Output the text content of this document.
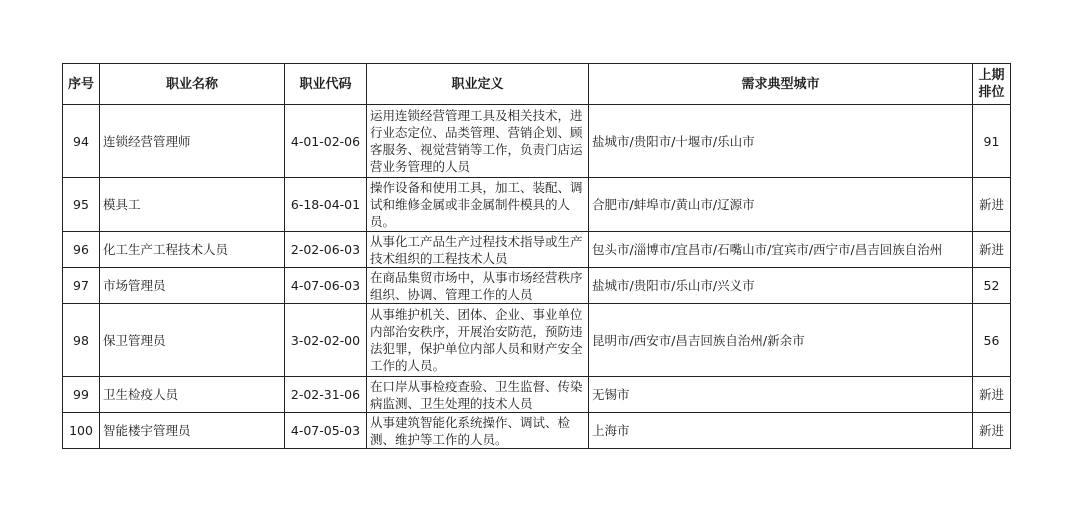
序号	职业名称	职业代码	职业定义	需求典型城市	上期
排位
94	连锁经营管理师	4-01-02-06	运用连锁经营管理工具及相关技术，进行业态定位、品类管理、营销企划、顾客服务、视觉营销等工作，负责门店运营业务管理的人员	盐城市/贵阳市/十堰市/乐山市	91
95	模具工	6-18-04-01	操作设备和使用工具，加工、装配、调试和维修金属或非金属制件模具的人员。	合肥市/蚌埠市/黄山市/辽源市	新进
96	化工生产工程技术人员	2-02-06-03	从事化工产品生产过程技术指导或生产技术组织的工程技术人员	包头市/淄博市/宜昌市/石嘴山市/宜宾市/西宁市/昌吉回族自治州	新进
97	市场管理员	4-07-06-03	在商品集贸市场中，从事市场经营秩序组织、协调、管理工作的人员	盐城市/贵阳市/乐山市/兴义市	52
98	保卫管理员	3-02-02-00	从事维护机关、团体、企业、事业单位内部治安秩序，开展治安防范，预防违法犯罪，保护单位内部人员和财产安全工作的人员。	昆明市/西安市/昌吉回族自治州/新余市	56
99	卫生检疫人员	2-02-31-06	在口岸从事检疫查验、卫生监督、传染病监测、卫生处理的技术人员	无锡市	新进
100	智能楼宇管理员	4-07-05-03	从事建筑智能化系统操作、调试、检测、维护等工作的人员。	上海市	新进
